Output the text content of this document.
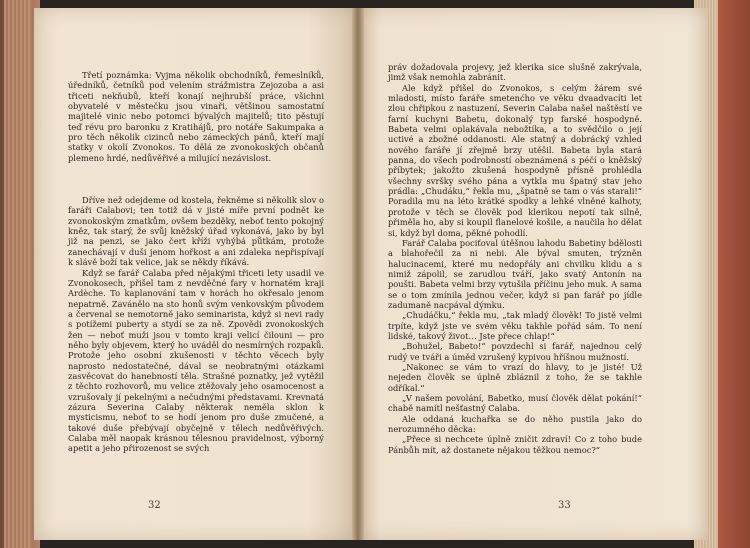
Třetí poznámka: Vyjma několik obchodníků, řemeslníků, úředníků, četníků pod velením strážmistra Zejozoba a asi třiceti nekňubů, kteří konají nejhrubší práce, všichni obyvatelé v městečku jsou vinaři, většinou samostatní majitelé vinic nebo potomci bývalých majitelů; tito pěstují teď révu pro baronku z Kratihájů, pro notáře Sakumpaka a pro těch několik cizinců nebo zámeckých pánů, kteří mají statky v okolí Zvonokos. To dělá ze zvonokoských občanů plemeno hrdé, nedůvěřivé a milující nezávislost.

Dříve než odejdeme od kostela, řekněme si několik slov o faráři Calabovi; ten totiž dá v jisté míře první podnět ke zvonokoským zmatkům, ovšem bezděky, neboť tento pokojný kněz, tak starý, že svůj kněžský úřad vykonává, jako by byl již na penzi, se jako čert kříži vyhýbá půtkám, protože zanechávají v duši jenom hořkost a ani zdaleka nepřispívají k slávě boží tak velice, jak se někdy říkává.

Když se farář Calaba před nějakými třiceti lety usadil ve Zvonokosech, přišel tam z nevděčné fary v hornatém kraji Ardèche. To kaplanování tam v horách ho okřesalo jenom nepatrně. Zavánělo na sto honů svým venkovským původem a červenal se nemotorně jako seminarista, když si nevi rady s potížemi puberty a stydí se za ně. Zpovědi zvonokoských žen — neboť muži jsou v tomto kraji velicí čilouni — pro něho byly objevem, který ho uváděl do nesmírných rozpaků. Protože jeho osobní zkušenosti v těchto věcech byly naprosto nedostatečné, dával se neobratnými otázkami zasvěcovat do hanebností těla. Strašné poznatky, jež vytěžil z těchto rozhovorů, mu velice ztěžovaly jeho osamocenost a vzrušovaly jí pekelnými a nečudnými představami. Krevnatá zázura Severina Calaby některak neměla sklon k mysticismu, neboť to se hodí jenom pro duše zmučené, a takové duše přebývají obyčejně v tělech nedůvěřivých. Calaba měl naopak krásnou tělesnou pravidelnost, výborný apetit a jeho přirozenost se svých

práv dožadovala projevy, jež klerika sice slušně zakrývala, jimž však nemohla zabránit.

Ale když přišel do Zvonokos, s celým žárem své mladosti, místo faráře smetenćho ve věku dvaadvacíti let zlou chřipkou z nastuzení, Severin Calaba našel naštěstí ve farní kuchyni Babetu, dokonalý typ farské hospodyně. Babeta velmi oplakávala nebožtíka, a to svědčilo o její uctivé a zbožné oddanosti. Ale statný a dobrácký vzhled nového faráře jí zřejmě brzy utěšil. Babeta byla stará panna, do všech podrobností obeznámená s péčí o kněžský příbytek; jakožto zkušená hospodyně přísně prohlédla všechny svršky svého pána a vytkla mu špatný stav jeho prádla: „Chudáku,“ řekla mu, „špatně se tam o vás starali!“ Poradila mu na léto krátké spodky a lehké vlněné kalhoty, protože v těch se člověk pod klerikou nepotí tak silně, přiměla ho, aby si koupil flanelové košile, a naučila ho dělat si, když byl doma, pěkné pohodlí.

Farář Calaba pociťoval útěšnou lahodu Babetiny bdělosti a blahořečil za ni nebi. Ale býval smuten, trýzněn halucinacemi, které mu nedopřály ani chvilku klidu a s nimiž zápolil, se zarudlou tváří, jako svatý Antonín na poušti. Babeta velmi brzy vytušila příčinu jeho muk. A sama se o tom zmínila jednou večer, když si pan farář po jídle zadumaně nacpával dýmku.

„Chudáčku,“ řekla mu, „tak mladý člověk! To jistě velmi trpíte, když jste ve svém věku takhle pořád sám. To není lidské, takový život… Jste přece chlap!“

„Bohužel, Babeto!“ povzdechl si farář, najednou celý rudý ve tváři a úměd vzrušený kypivou hříšnou mužností.

„Nakonec se vám to vrazí do hlavy, to je jisté! Už nejeden člověk se úplně zbláznil z toho, že se takhle odříkal.“

„V našem povolání, Babetko, musí člověk dělat pokání!“ chabě namítl nešťastný Calaba.

Ale oddaná kuchařka se do něho pustila jako do nerozumného děcka:

„Přece si nechcete úplně zničit zdraví! Co z toho bude Pánbůh mít, až dostanete nějakou těžkou nemoc?“

32	33
